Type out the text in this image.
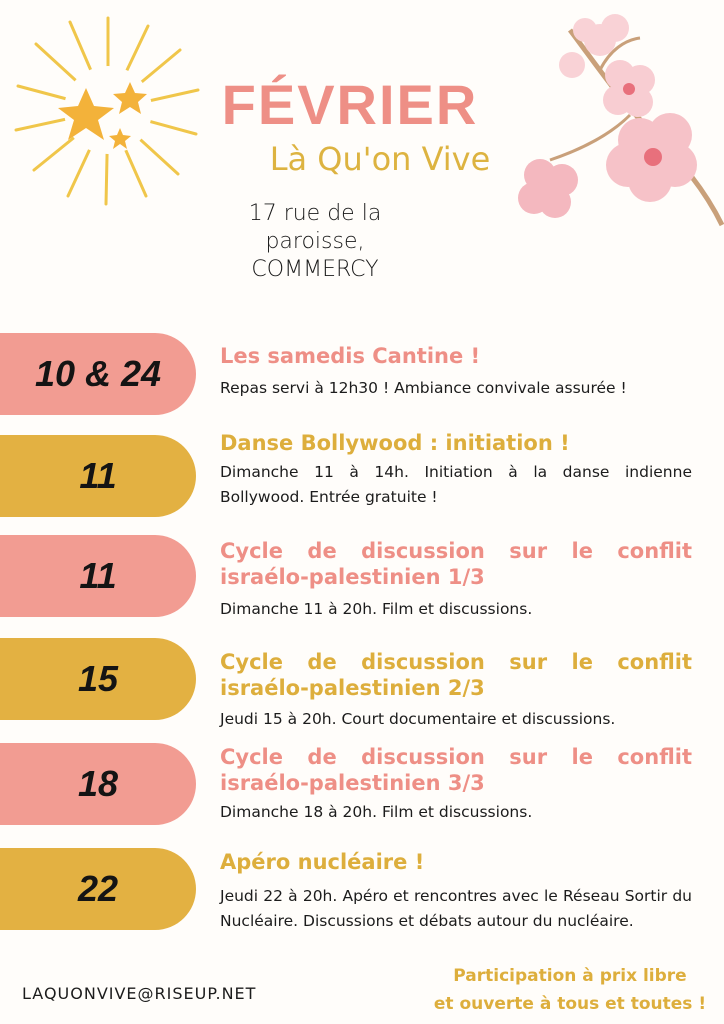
FÉVRIER
Là Qu'on Vive
17 rue de la
paroisse,
COMMERCY
10 & 24	Les samedis Cantine !
Repas servi à 12h30 ! Ambiance convivale assurée !
11
Danse Bollywood : initiation !
Dimanche 11 à 14h. Initiation à la danse indienne Bollywood. Entrée gratuite !
11
Cycle de discussion sur le conflit israélo-palestinien 1/3
Dimanche 11 à 20h. Film et discussions.
15	Cycle de discussion sur le conflit israélo-palestinien 2/3
Jeudi 15 à 20h. Court documentaire et discussions.
18
Cycle de discussion sur le conflit israélo-palestinien 3/3
Dimanche 18 à 20h. Film et discussions.
22
Apéro nucléaire !
Jeudi 22 à 20h. Apéro et rencontres avec le Réseau Sortir du Nucléaire. Discussions et débats autour du nucléaire.
LAQUONVIVE@RISEUP.NET
Participation à prix libre
et ouverte à tous et toutes !
